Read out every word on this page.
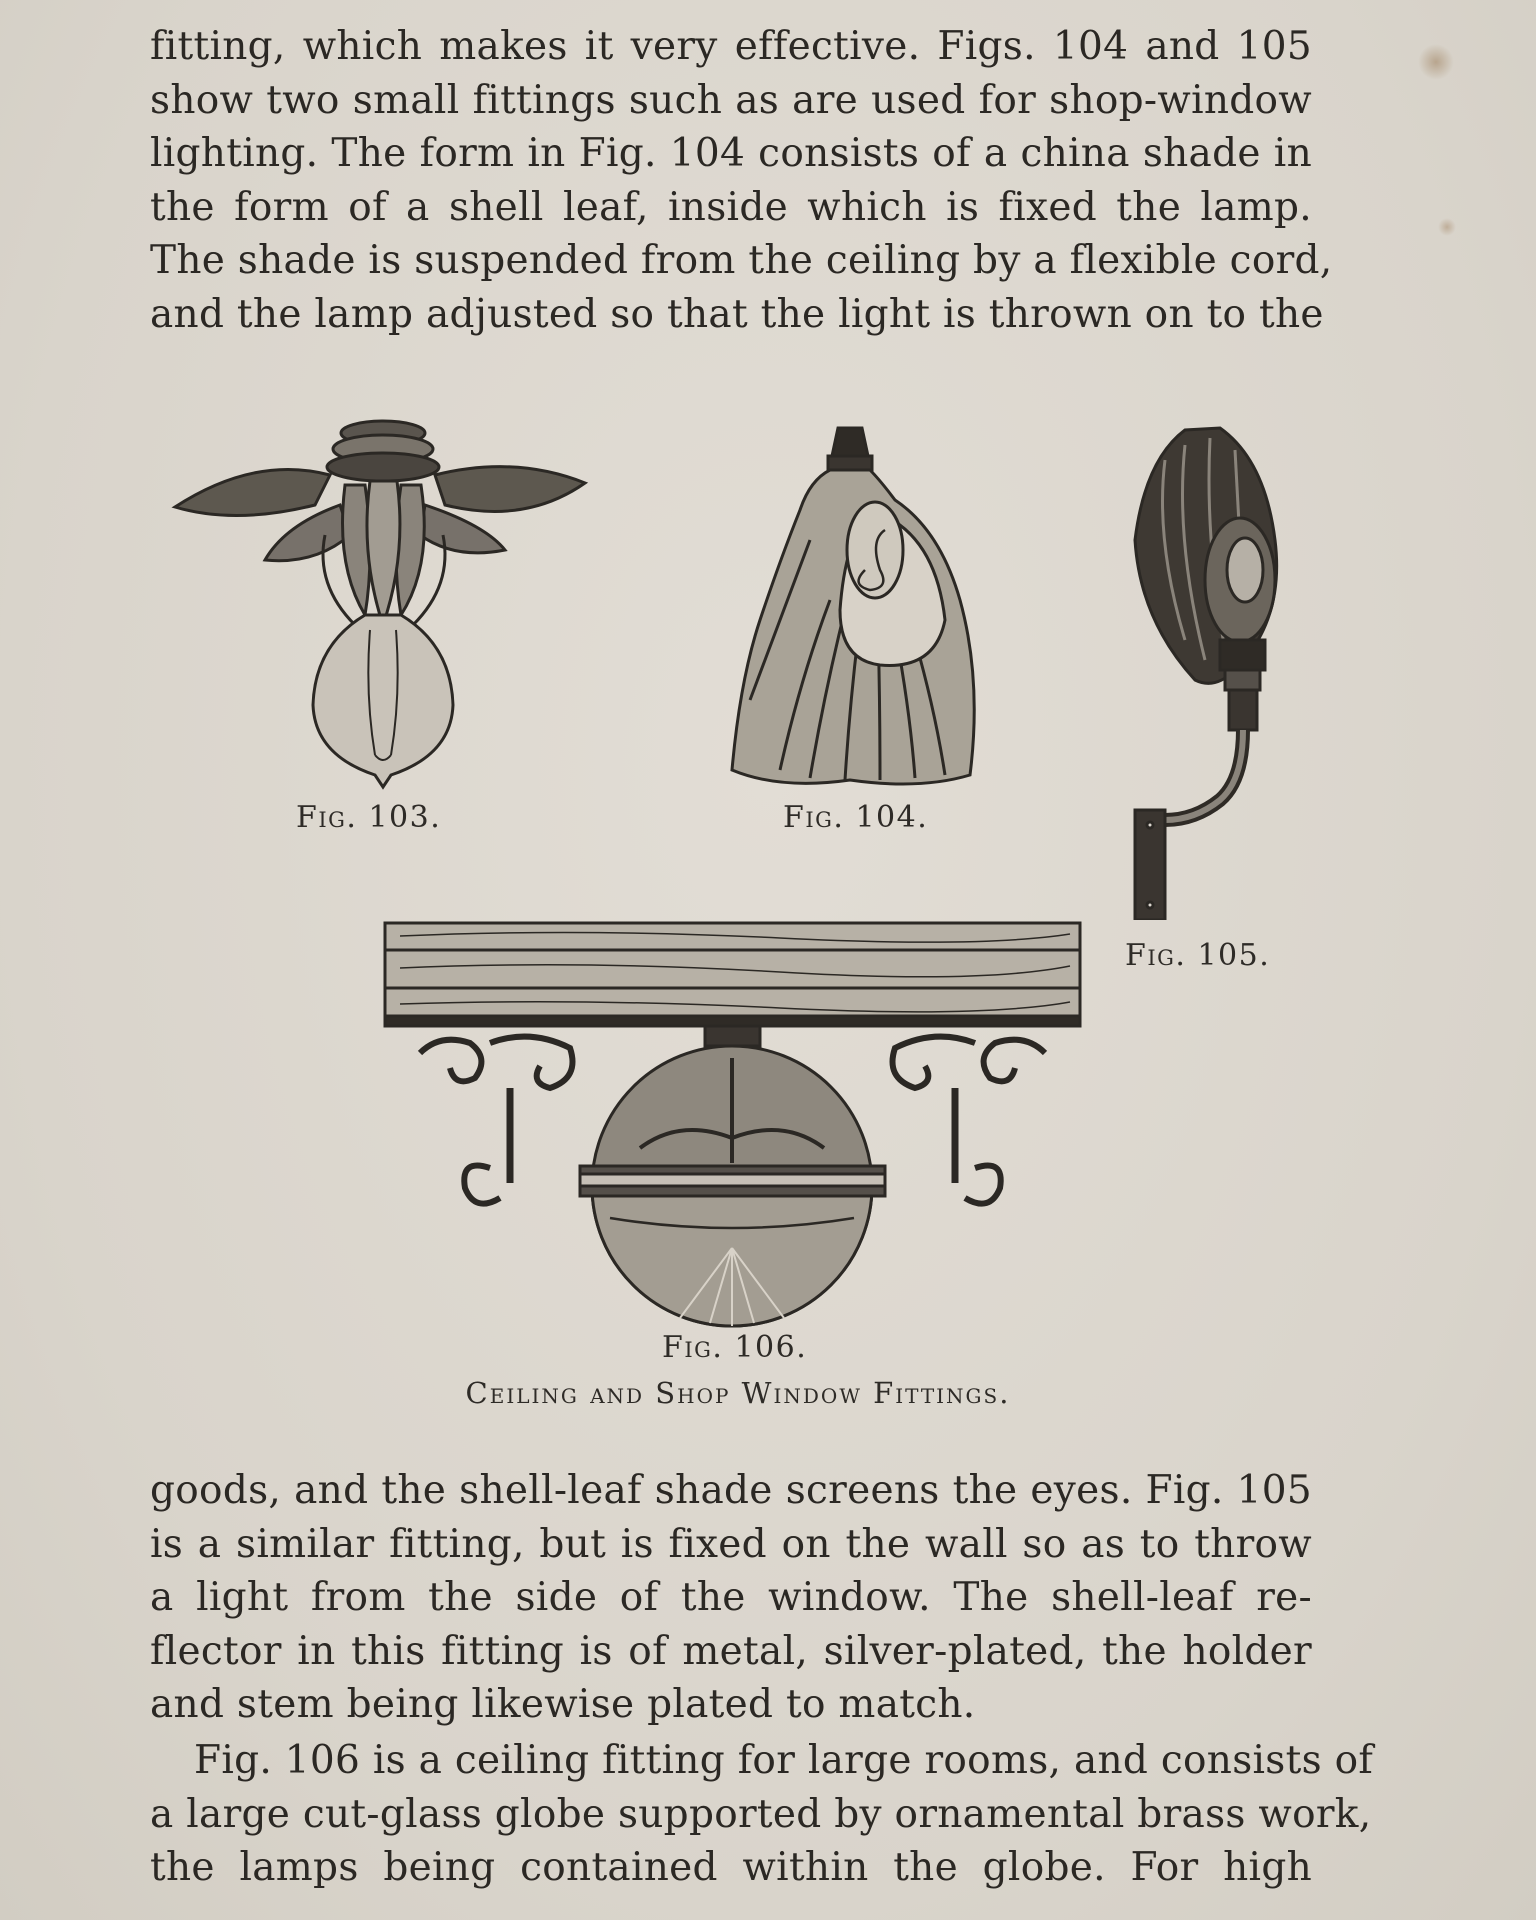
fitting, which makes it very effective. Figs. 104 and 105
show two small fittings such as are used for shop-window
lighting. The form in Fig. 104 consists of a china shade in
the form of a shell leaf, inside which is fixed the lamp.
The shade is suspended from the ceiling by a flexible cord,
and the lamp adjusted so that the light is thrown on to the
Fig. 103.	Fig. 104.
Fig. 105.
Fig. 106.
Ceiling and Shop Window Fittings.
goods, and the shell-leaf shade screens the eyes. Fig. 105
is a similar fitting, but is fixed on the wall so as to throw
a light from the side of the window. The shell-leaf re-
flector in this fitting is of metal, silver-plated, the holder
and stem being likewise plated to match.
Fig. 106 is a ceiling fitting for large rooms, and consists of
a large cut-glass globe supported by ornamental brass work,
the lamps being contained within the globe. For high
